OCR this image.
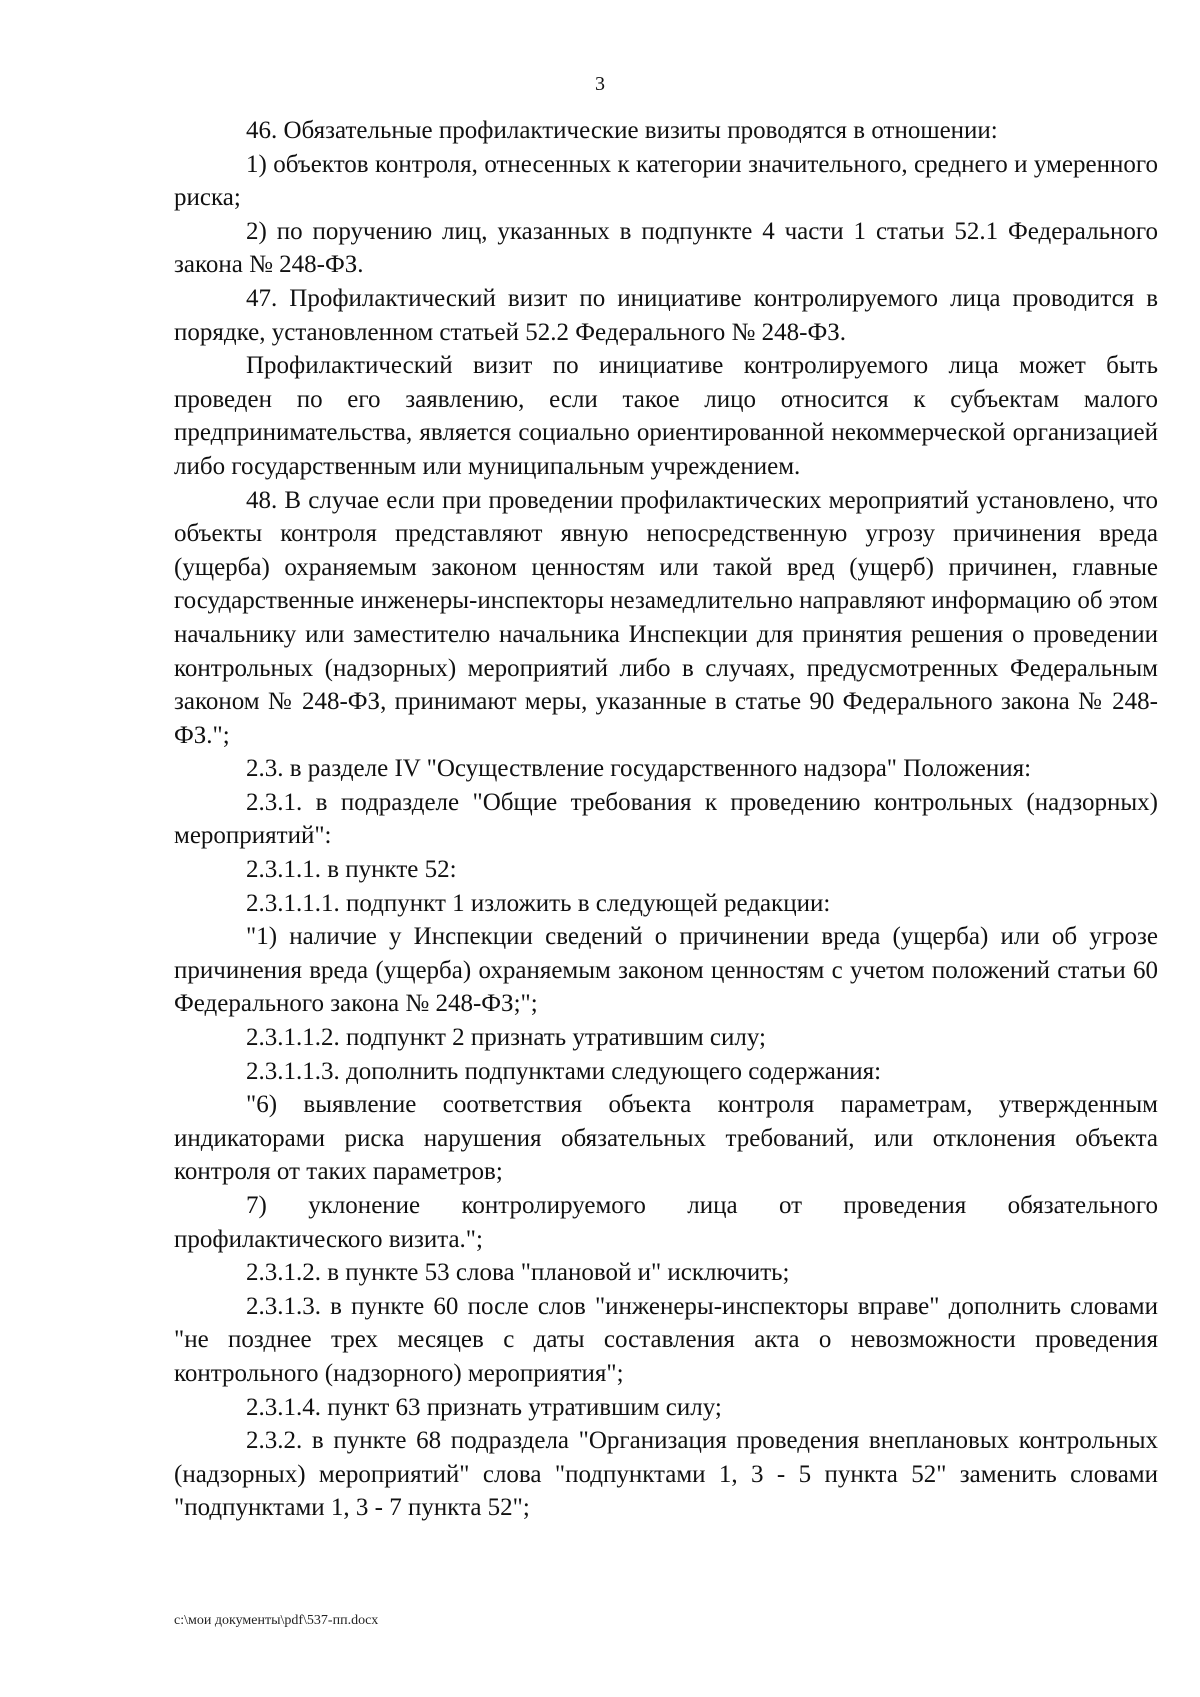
3

46. Обязательные профилактические визиты проводятся в отношении:

1) объектов контроля, отнесенных к категории значительного, среднего и умеренного риска;

2) по поручению лиц, указанных в подпункте 4 части 1 статьи 52.1 Федерального закона № 248-ФЗ.

47. Профилактический визит по инициативе контролируемого лица проводится в порядке, установленном статьей 52.2 Федерального № 248-ФЗ.

Профилактический визит по инициативе контролируемого лица может быть проведен по его заявлению, если такое лицо относится к субъектам малого предпринимательства, является социально ориентированной некоммерческой организацией либо государственным или муниципальным учреждением.

48. В случае если при проведении профилактических мероприятий установлено, что объекты контроля представляют явную непосредственную угрозу причинения вреда (ущерба) охраняемым законом ценностям или такой вред (ущерб) причинен, главные государственные инженеры-инспекторы незамедлительно направляют информацию об этом начальнику или заместителю начальника Инспекции для принятия решения о проведении контрольных (надзорных) мероприятий либо в случаях, предусмотренных Федеральным законом № 248-ФЗ, принимают меры, указанные в статье 90 Федерального закона № 248-ФЗ.";

2.3. в разделе IV "Осуществление государственного надзора" Положения:

2.3.1. в подразделе "Общие требования к проведению контрольных (надзорных) мероприятий":

2.3.1.1. в пункте 52:

2.3.1.1.1. подпункт 1 изложить в следующей редакции:

"1) наличие у Инспекции сведений о причинении вреда (ущерба) или об угрозе причинения вреда (ущерба) охраняемым законом ценностям с учетом положений статьи 60 Федерального закона № 248-ФЗ;";

2.3.1.1.2. подпункт 2 признать утратившим силу;

2.3.1.1.3. дополнить подпунктами следующего содержания:

"6) выявление соответствия объекта контроля параметрам, утвержденным индикаторами риска нарушения обязательных требований, или отклонения объекта контроля от таких параметров;

7) уклонение контролируемого лица от проведения обязательного профилактического визита.";

2.3.1.2. в пункте 53 слова "плановой и" исключить;

2.3.1.3. в пункте 60 после слов "инженеры-инспекторы вправе" дополнить словами "не позднее трех месяцев с даты составления акта о невозможности проведения контрольного (надзорного) мероприятия";

2.3.1.4. пункт 63 признать утратившим силу;

2.3.2. в пункте 68 подраздела "Организация проведения внеплановых контрольных (надзорных) мероприятий" слова "подпунктами 1, 3 - 5 пункта 52" заменить словами "подпунктами 1, 3 - 7 пункта 52";

c:\мои документы\pdf\537-пп.docx
